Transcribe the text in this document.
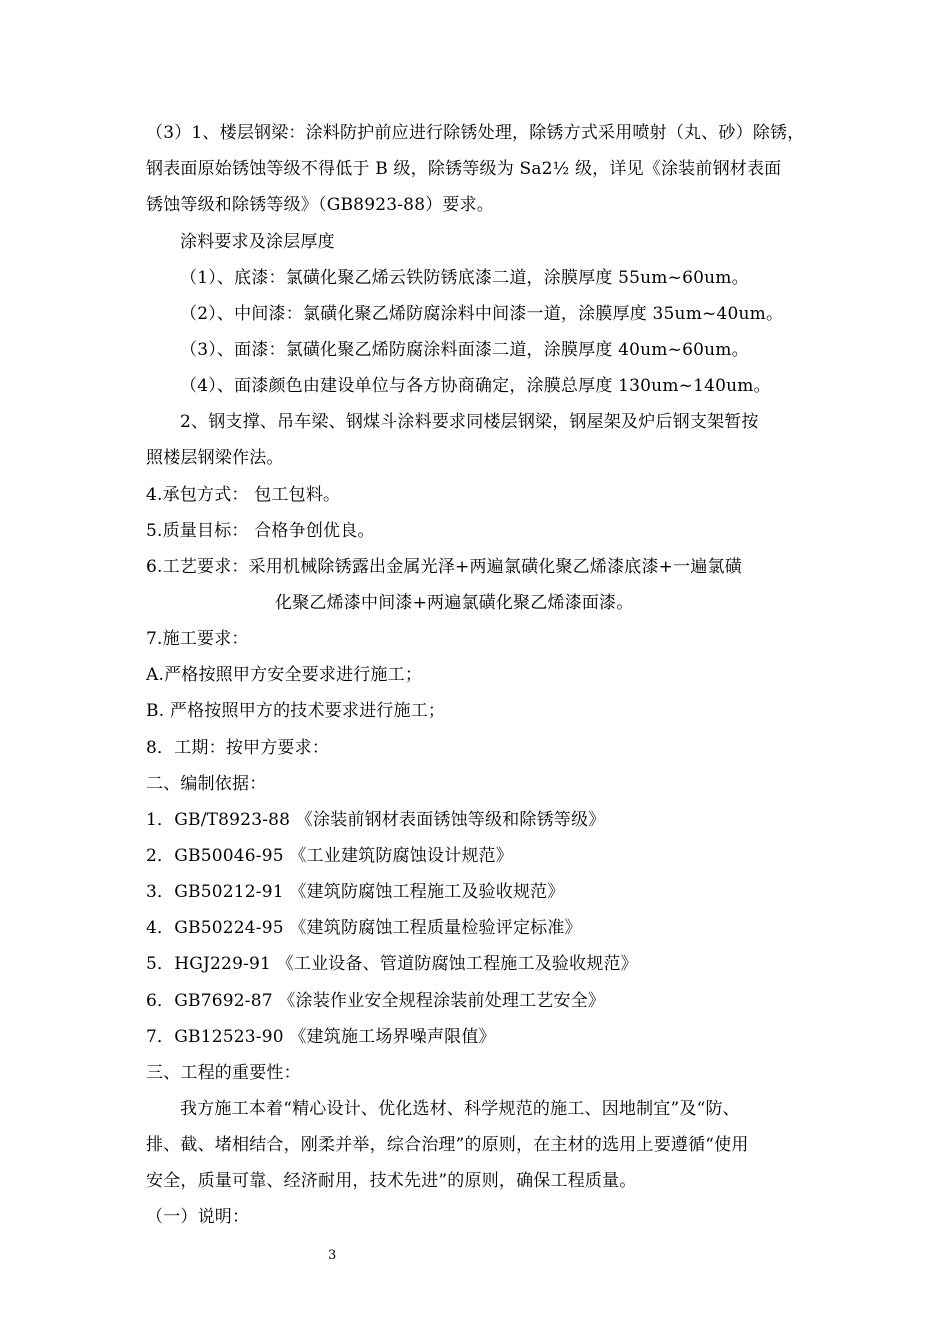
（3）1、楼层钢梁：涂料防护前应进行除锈处理，除锈方式采用喷射（丸、砂）除锈，
钢表面原始锈蚀等级不得低于 B 级，除锈等级为 Sa2½ 级，详见《涂装前钢材表面
锈蚀等级和除锈等级》（GB8923-88）要求。
涂料要求及涂层厚度
（1）、底漆：氯磺化聚乙烯云铁防锈底漆二道，涂膜厚度 55um~60um。
（2）、中间漆：氯磺化聚乙烯防腐涂料中间漆一道，涂膜厚度 35um~40um。
（3）、面漆：氯磺化聚乙烯防腐涂料面漆二道，涂膜厚度 40um~60um。
（4）、面漆颜色由建设单位与各方协商确定，涂膜总厚度 130um~140um。
2、钢支撑、吊车梁、钢煤斗涂料要求同楼层钢梁，钢屋架及炉后钢支架暂按
照楼层钢梁作法。
4.承包方式： 包工包料。
5.质量目标： 合格争创优良。
6.工艺要求：采用机械除锈露出金属光泽+两遍氯磺化聚乙烯漆底漆+一遍氯磺
化聚乙烯漆中间漆+两遍氯磺化聚乙烯漆面漆。
7.施工要求：
A.严格按照甲方安全要求进行施工；
B. 严格按照甲方的技术要求进行施工；
8．工期：按甲方要求：
二、编制依据：
1．GB/T8923-88 《涂装前钢材表面锈蚀等级和除锈等级》
2．GB50046-95 《工业建筑防腐蚀设计规范》
3．GB50212-91 《建筑防腐蚀工程施工及验收规范》
4．GB50224-95 《建筑防腐蚀工程质量检验评定标准》
5．HGJ229-91 《工业设备、管道防腐蚀工程施工及验收规范》
6．GB7692-87 《涂装作业安全规程涂装前处理工艺安全》
7．GB12523-90 《建筑施工场界噪声限值》
三、工程的重要性：
我方施工本着“精心设计、优化选材、科学规范的施工、因地制宜”及“防、
排、截、堵相结合，刚柔并举，综合治理”的原则，在主材的选用上要遵循“使用
安全，质量可靠、经济耐用，技术先进”的原则，确保工程质量。
（一）说明：
3
